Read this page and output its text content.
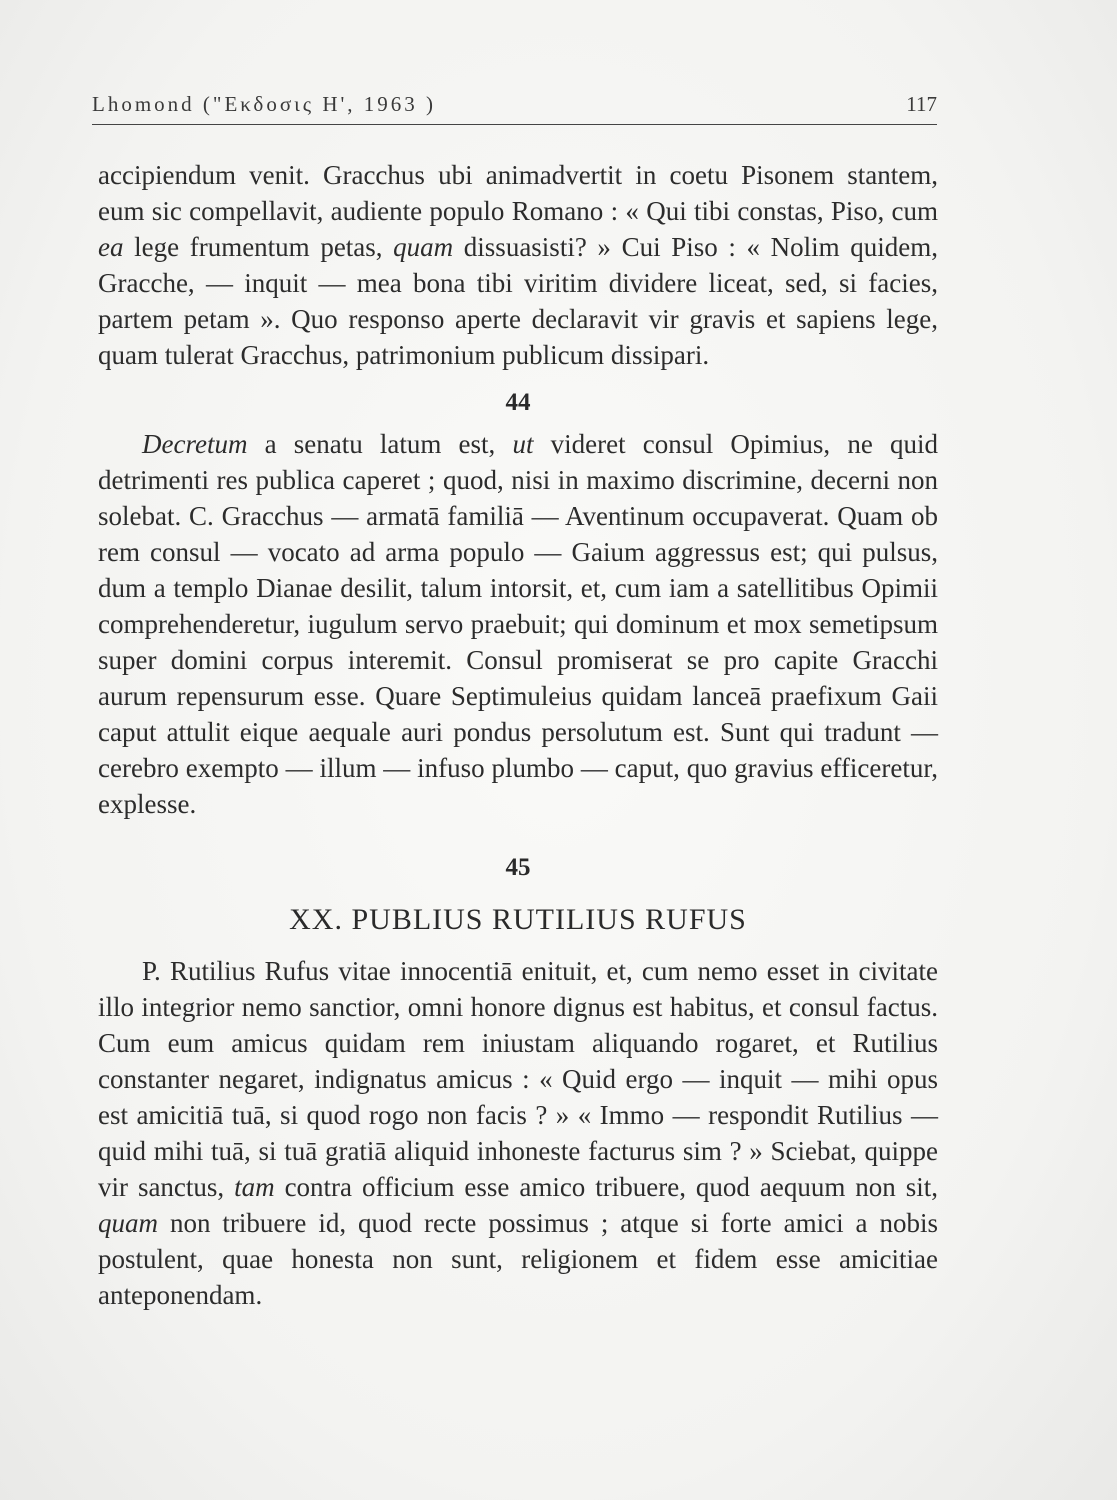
Lhomond ("Εκδοσις Η', 1963 )	117

accipiendum venit. Gracchus ubi animadvertit in coetu Pisonem stantem, eum sic compellavit, audiente populo Romano : « Qui tibi constas, Piso, cum ea lege frumentum petas, quam dissuasisti? » Cui Piso : « Nolim quidem, Gracche, — inquit — mea bona tibi viritim dividere liceat, sed, si facies, partem petam ». Quo responso aperte declaravit vir gravis et sapiens lege, quam tulerat Gracchus, patrimonium publicum dissipari.

44

Decretum a senatu latum est, ut videret consul Opimius, ne quid detrimenti res publica caperet ; quod, nisi in maximo discrimine, decerni non solebat. C. Gracchus — armatā familiā — Aventinum occupaverat. Quam ob rem consul — vocato ad arma populo — Gaium aggressus est; qui pulsus, dum a templo Dianae desilit, talum intorsit, et, cum iam a satellitibus Opimii comprehenderetur, iugulum servo praebuit; qui dominum et mox semetipsum super domini corpus interemit. Consul promiserat se pro capite Gracchi aurum repensurum esse. Quare Septimuleius quidam lanceā praefixum Gaii caput attulit eique aequale auri pondus persolutum est. Sunt qui tradunt — cerebro exempto — illum — infuso plumbo — caput, quo gravius efficeretur, explesse.

45
XX. PUBLIUS RUTILIUS RUFUS

P. Rutilius Rufus vitae innocentiā enituit, et, cum nemo esset in civitate illo integrior nemo sanctior, omni honore dignus est habitus, et consul factus. Cum eum amicus quidam rem iniustam aliquando rogaret, et Rutilius constanter negaret, indignatus amicus : « Quid ergo — inquit — mihi opus est amicitiā tuā, si quod rogo non facis ? » « Immo — respondit Rutilius — quid mihi tuā, si tuā gratiā aliquid inhoneste facturus sim ? » Sciebat, quippe vir sanctus, tam contra officium esse amico tribuere, quod aequum non sit, quam non tribuere id, quod recte possimus ; atque si forte amici a nobis postulent, quae honesta non sunt, religionem et fidem esse amicitiae anteponendam.
